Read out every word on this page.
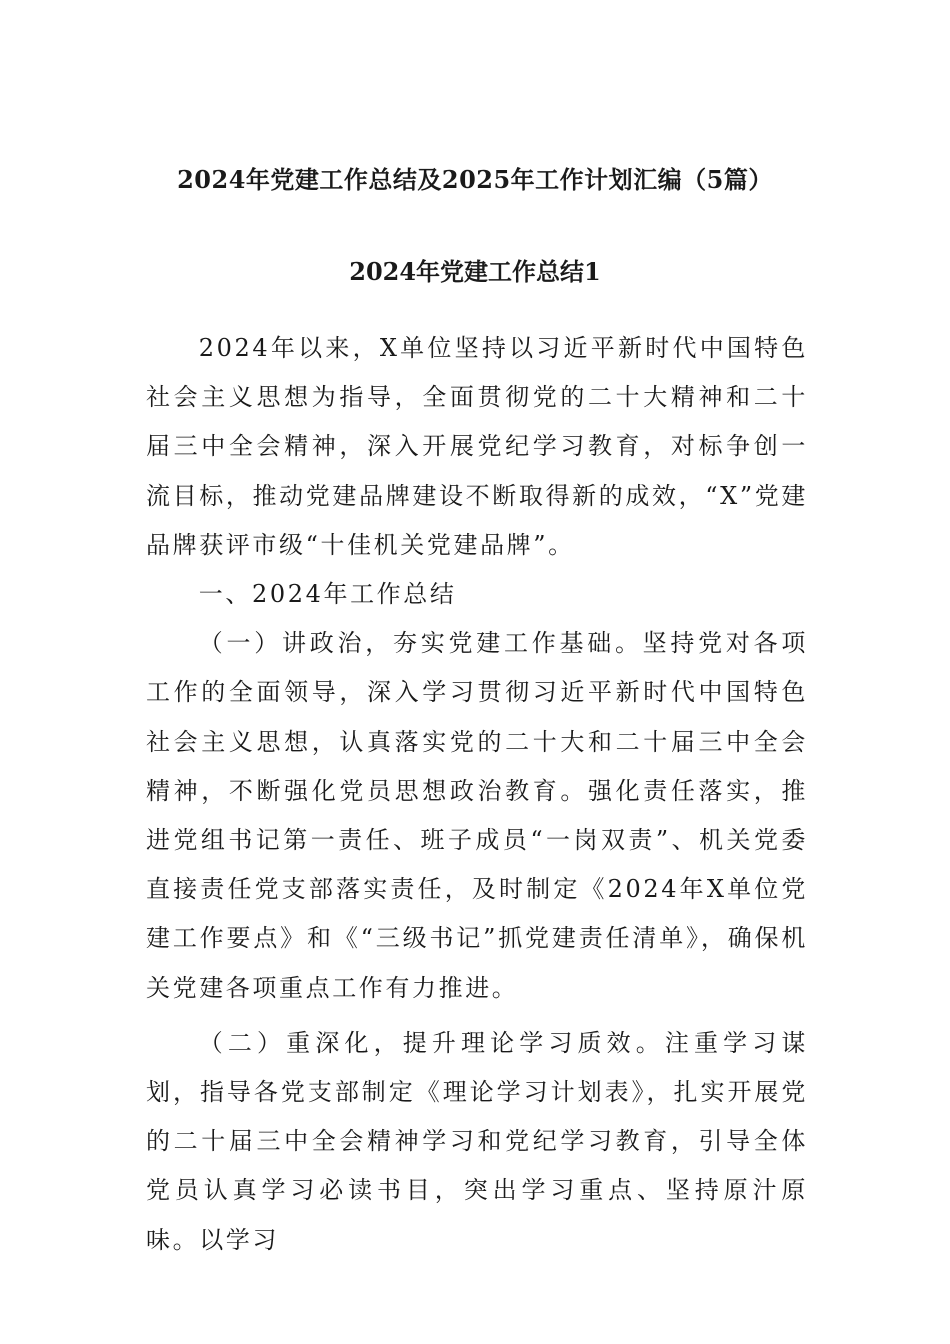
2024年党建工作总结及2025年工作计划汇编（5篇）
2024年党建工作总结1

2024年以来，X单位坚持以习近平新时代中国特色社会主义思想为指导，全面贯彻党的二十大精神和二十届三中全会精神，深入开展党纪学习教育，对标争创一流目标，推动党建品牌建设不断取得新的成效，“X”党建品牌获评市级“十佳机关党建品牌”。

一、2024年工作总结

（一）讲政治，夯实党建工作基础。坚持党对各项工作的全面领导，深入学习贯彻习近平新时代中国特色社会主义思想，认真落实党的二十大和二十届三中全会精神，不断强化党员思想政治教育。强化责任落实，推进党组书记第一责任、班子成员“一岗双责”、机关党委直接责任党支部落实责任，及时制定《2024年X单位党建工作要点》和《“三级书记”抓党建责任清单》，确保机关党建各项重点工作有力推进。

（二）重深化，提升理论学习质效。注重学习谋划，指导各党支部制定《理论学习计划表》，扎实开展党的二十届三中全会精神学习和党纪学习教育，引导全体党员认真学习必读书目，突出学习重点、坚持原汁原味。以学习
